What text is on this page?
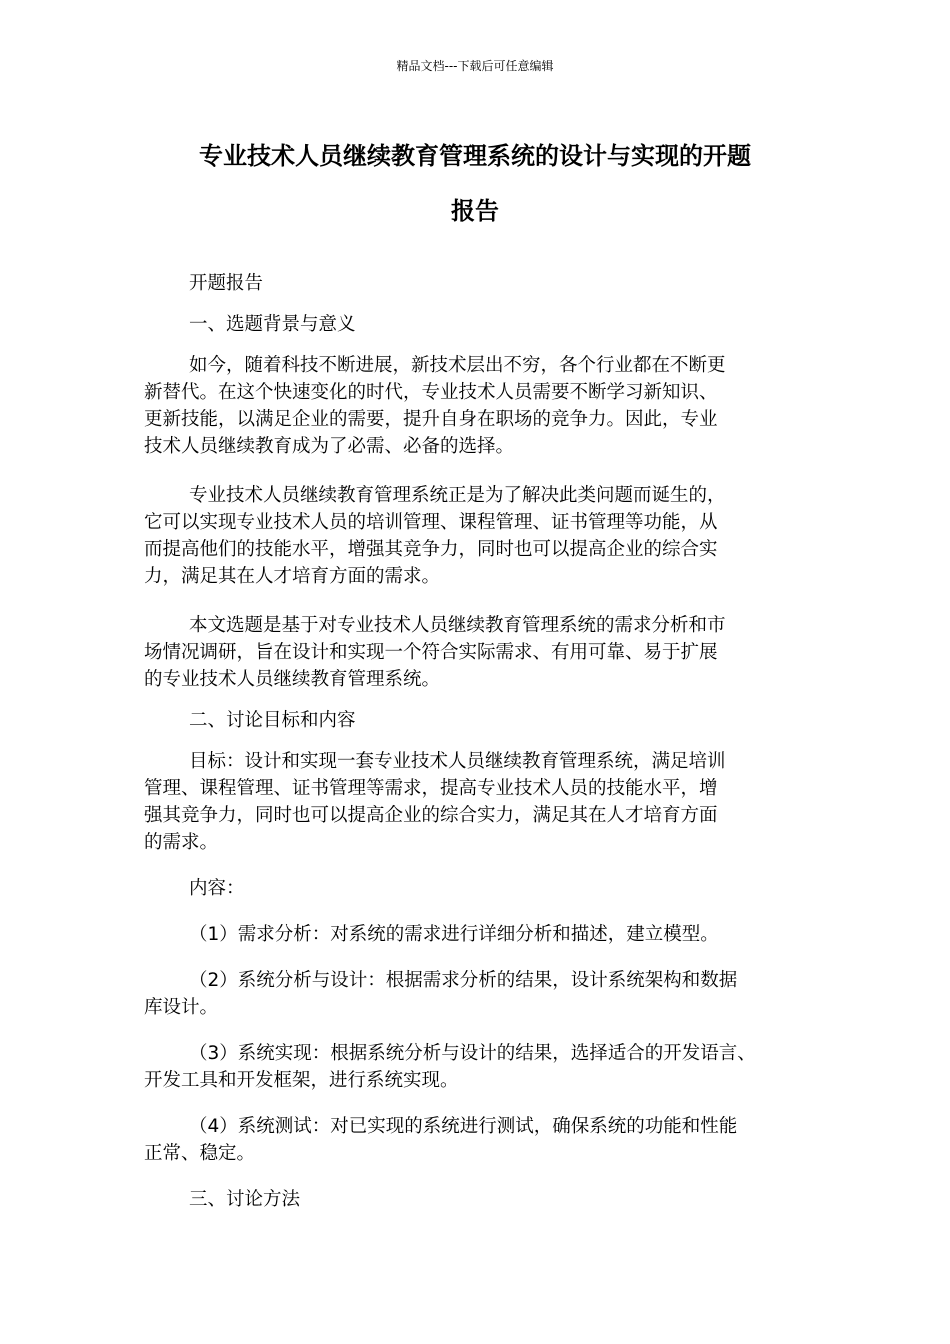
精品文档---下载后可任意编辑
专业技术人员继续教育管理系统的设计与实现的开题
报告

开题报告

一、选题背景与意义

如今，随着科技不断进展，新技术层出不穷，各个行业都在不断更
新替代。在这个快速变化的时代，专业技术人员需要不断学习新知识、
更新技能，以满足企业的需要，提升自身在职场的竞争力。因此，专业
技术人员继续教育成为了必需、必备的选择。

专业技术人员继续教育管理系统正是为了解决此类问题而诞生的，
它可以实现专业技术人员的培训管理、课程管理、证书管理等功能，从
而提高他们的技能水平，增强其竞争力，同时也可以提高企业的综合实
力，满足其在人才培育方面的需求。

本文选题是基于对专业技术人员继续教育管理系统的需求分析和市
场情况调研，旨在设计和实现一个符合实际需求、有用可靠、易于扩展
的专业技术人员继续教育管理系统。

二、讨论目标和内容

目标：设计和实现一套专业技术人员继续教育管理系统，满足培训
管理、课程管理、证书管理等需求，提高专业技术人员的技能水平，增
强其竞争力，同时也可以提高企业的综合实力，满足其在人才培育方面
的需求。

内容：

（1）需求分析：对系统的需求进行详细分析和描述，建立模型。

（2）系统分析与设计：根据需求分析的结果，设计系统架构和数据
库设计。

（3）系统实现：根据系统分析与设计的结果，选择适合的开发语言、
开发工具和开发框架，进行系统实现。

（4）系统测试：对已实现的系统进行测试，确保系统的功能和性能
正常、稳定。

三、讨论方法
